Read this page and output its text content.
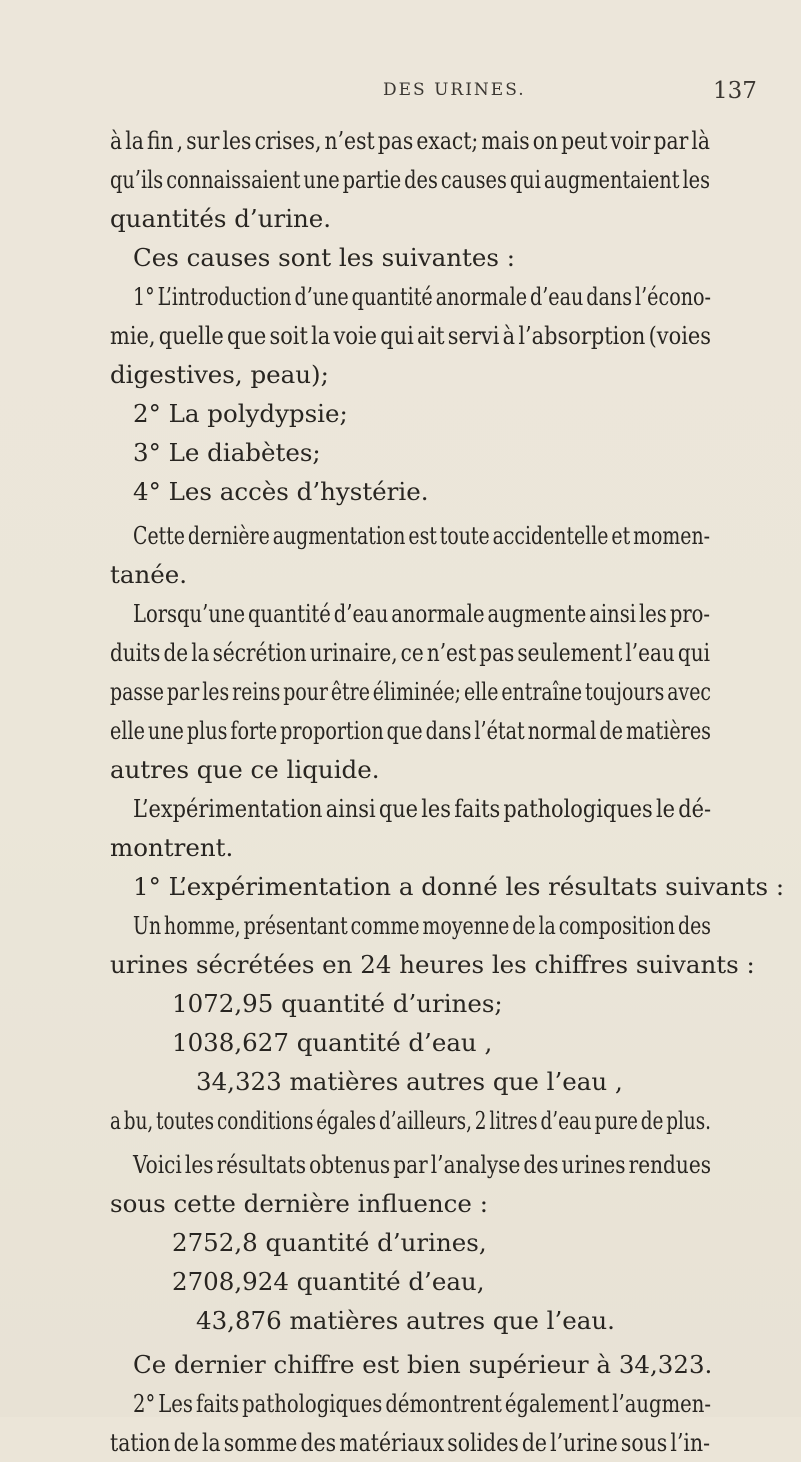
DES URINES.	137
à la fin , sur les crises, n’est pas exact; mais on peut voir par là
qu’ils connaissaient une partie des causes qui augmentaient les
quantités d’urine.
Ces causes sont les suivantes :
1° L’introduction d’une quantité anormale d’eau dans l’écono-
mie, quelle que soit la voie qui ait servi à l’absorption (voies
digestives, peau);
2° La polydypsie;
3° Le diabètes;
4° Les accès d’hystérie.
Cette dernière augmentation est toute accidentelle et momen-
tanée.
Lorsqu’une quantité d’eau anormale augmente ainsi les pro-
duits de la sécrétion urinaire, ce n’est pas seulement l’eau qui
passe par les reins pour être éliminée; elle entraîne toujours avec
elle une plus forte proportion que dans l’état normal de matières
autres que ce liquide.
L’expérimentation ainsi que les faits pathologiques le dé-
montrent.
1° L’expérimentation a donné les résultats suivants :
Un homme, présentant comme moyenne de la composition des
urines sécrétées en 24 heures les chiffres suivants :
1072,95 quantité d’urines;
1038,627 quantité d’eau ,
34,323 matières autres que l’eau ,
a bu, toutes conditions égales d’ailleurs, 2 litres d’eau pure de plus.
Voici les résultats obtenus par l’analyse des urines rendues
sous cette dernière influence :
2752,8 quantité d’urines,
2708,924 quantité d’eau,
43,876 matières autres que l’eau.
Ce dernier chiffre est bien supérieur à 34,323.
2° Les faits pathologiques démontrent également l’augmen-
tation de la somme des matériaux solides de l’urine sous l’in-
